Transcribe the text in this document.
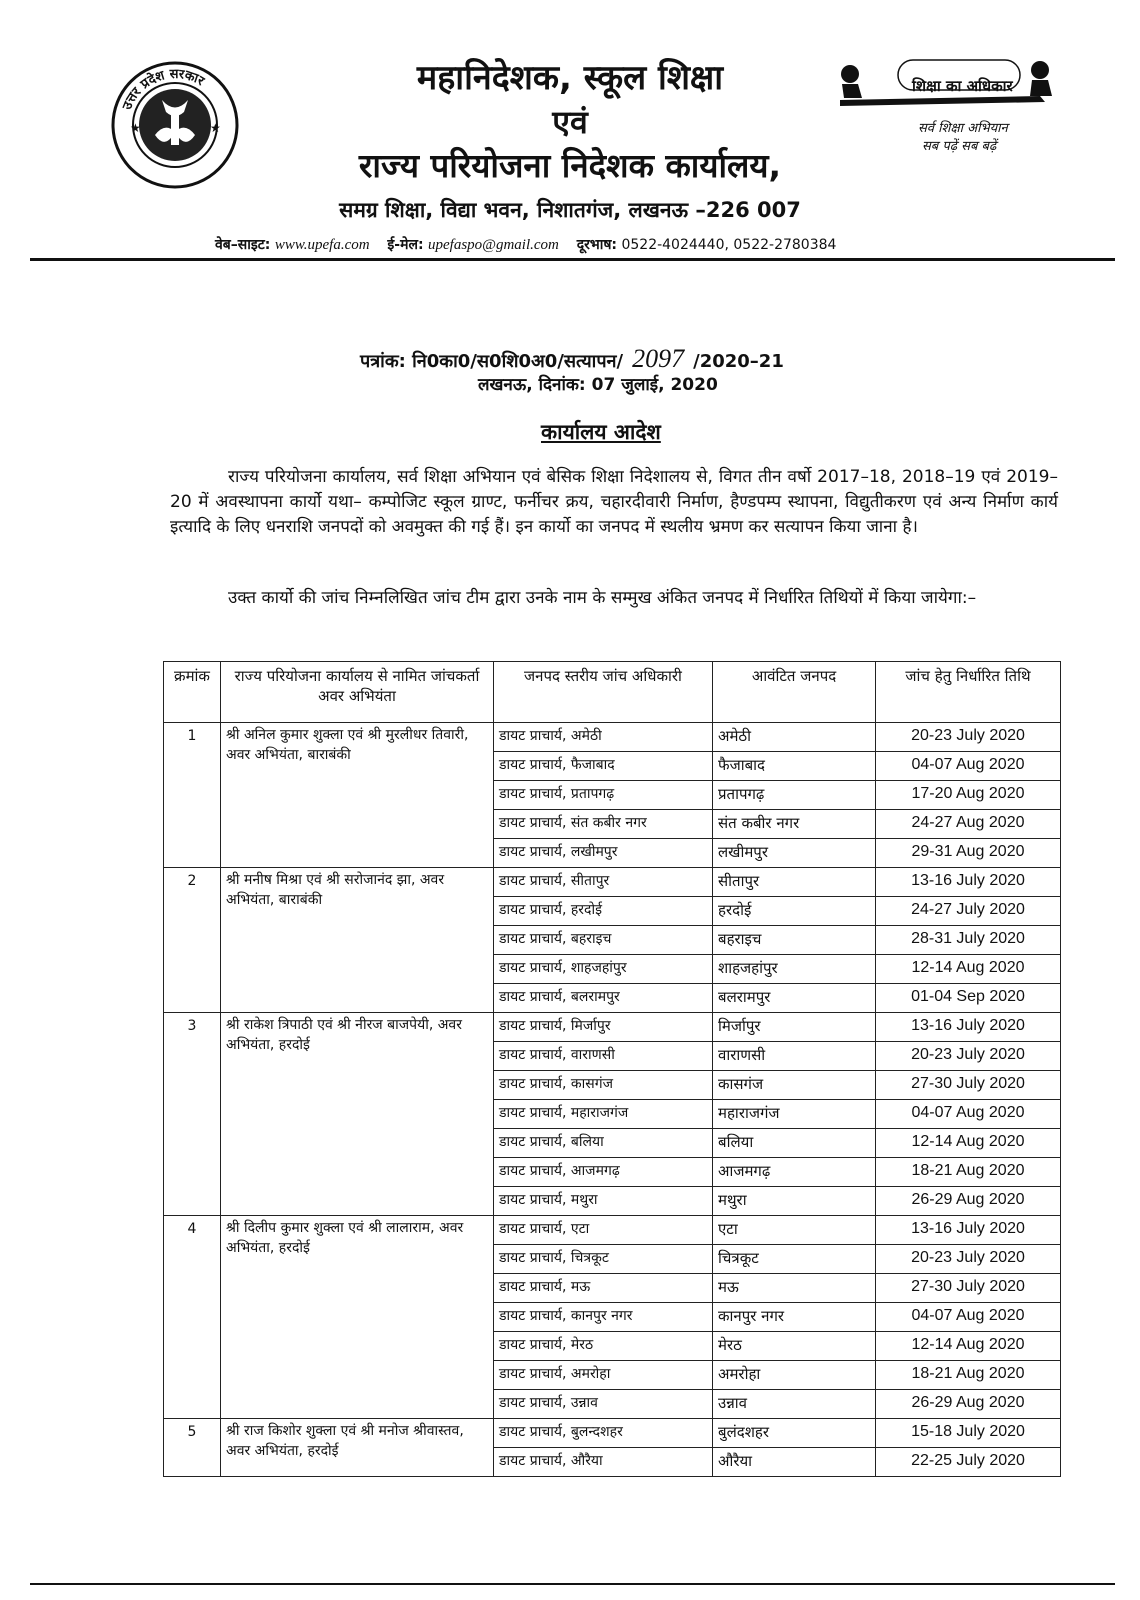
★	★
उत्तर प्रदेश सरकार	महानिदेशक, स्कूल शिक्षा
एवं
राज्य परियोजना निदेशक कार्यालय,
समग्र शिक्षा, विद्या भवन, निशातगंज, लखनऊ –226 007
शिक्षा का अधिकार
सर्व शिक्षा अभियान
सब पढ़ें सब बढ़ें
वेब–साइट: www.upefa.com ई-मेल: upefaspo@gmail.com दूरभाष: 0522-4024440, 0522-2780384
पत्रांक: नि0का0/स0शि0अ0/सत्यापन/ 2097 /2020–21
लखनऊ, दिनांक: 07 जुलाई, 2020
कार्यालय आदेश
राज्य परियोजना कार्यालय, सर्व शिक्षा अभियान एवं बेसिक शिक्षा निदेशालय से, विगत तीन वर्षो 2017–18, 2018–19 एवं 2019–20 में अवस्थापना कार्यो यथा– कम्पोजिट स्कूल ग्राण्ट, फर्नीचर क्रय, चहारदीवारी निर्माण, हैण्डपम्प स्थापना, विद्युतीकरण एवं अन्य निर्माण कार्य इत्यादि के लिए धनराशि जनपदों को अवमुक्त की गई हैं। इन कार्यो का जनपद में स्थलीय भ्रमण कर सत्यापन किया जाना है।
उक्त कार्यो की जांच निम्नलिखित जांच टीम द्वारा उनके नाम के सम्मुख अंकित जनपद में निर्धारित तिथियों में किया जायेगा:–
क्रमांक	राज्य परियोजना कार्यालय से नामित जांचकर्ता अवर अभियंता	जनपद स्तरीय जांच अधिकारी	आवंटित जनपद	जांच हेतु निर्धारित तिथि
1	श्री अनिल कुमार शुक्ला एवं श्री मुरलीधर तिवारी, अवर अभियंता, बाराबंकी	डायट प्राचार्य, अमेठी	अमेठी	20-23 July 2020
		डायट प्राचार्य, फैजाबाद	फैजाबाद	04-07 Aug 2020
		डायट प्राचार्य, प्रतापगढ़	प्रतापगढ़	17-20 Aug 2020
		डायट प्राचार्य, संत कबीर नगर	संत कबीर नगर	24-27 Aug 2020
		डायट प्राचार्य, लखीमपुर	लखीमपुर	29-31 Aug 2020
2	श्री मनीष मिश्रा एवं श्री सरोजानंद झा, अवर अभियंता, बाराबंकी	डायट प्राचार्य, सीतापुर	सीतापुर	13-16 July 2020
		डायट प्राचार्य, हरदोई	हरदोई	24-27 July 2020
		डायट प्राचार्य, बहराइच	बहराइच	28-31 July 2020
		डायट प्राचार्य, शाहजहांपुर	शाहजहांपुर	12-14 Aug 2020
		डायट प्राचार्य, बलरामपुर	बलरामपुर	01-04 Sep 2020
3	श्री राकेश त्रिपाठी एवं श्री नीरज बाजपेयी, अवर अभियंता, हरदोई	डायट प्राचार्य, मिर्जापुर	मिर्जापुर	13-16 July 2020
		डायट प्राचार्य, वाराणसी	वाराणसी	20-23 July 2020
		डायट प्राचार्य, कासगंज	कासगंज	27-30 July 2020
		डायट प्राचार्य, महाराजगंज	महाराजगंज	04-07 Aug 2020
		डायट प्राचार्य, बलिया	बलिया	12-14 Aug 2020
		डायट प्राचार्य, आजमगढ़	आजमगढ़	18-21 Aug 2020
		डायट प्राचार्य, मथुरा	मथुरा	26-29 Aug 2020
4	श्री दिलीप कुमार शुक्ला एवं श्री लालाराम, अवर अभियंता, हरदोई	डायट प्राचार्य, एटा	एटा	13-16 July 2020
		डायट प्राचार्य, चित्रकूट	चित्रकूट	20-23 July 2020
		डायट प्राचार्य, मऊ	मऊ	27-30 July 2020
		डायट प्राचार्य, कानपुर नगर	कानपुर नगर	04-07 Aug 2020
		डायट प्राचार्य, मेरठ	मेरठ	12-14 Aug 2020
		डायट प्राचार्य, अमरोहा	अमरोहा	18-21 Aug 2020
		डायट प्राचार्य, उन्नाव	उन्नाव	26-29 Aug 2020
5	श्री राज किशोर शुक्ला एवं श्री मनोज श्रीवास्तव, अवर अभियंता, हरदोई	डायट प्राचार्य, बुलन्दशहर	बुलंदशहर	15-18 July 2020
		डायट प्राचार्य, औरैया	औरैया	22-25 July 2020
